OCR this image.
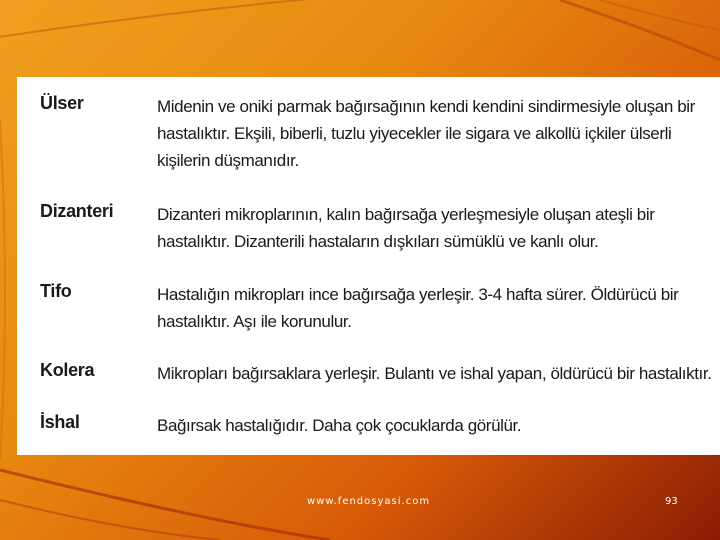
Ülser	Midenin ve oniki parmak bağırsağının kendi kendini sindirmesiyle oluşan bir hastalıktır. Ekşili, biberli, tuzlu yiyecekler ile sigara ve alkollü içkiler ülserli kişilerin düşmanıdır.
Dizanteri	Dizanteri mikroplarının, kalın bağırsağa yerleşmesiyle oluşan ateşli bir hastalıktır. Dizanterili hastaların dışkıları sümüklü ve kanlı olur.
Tifo	Hastalığın mikropları ince bağırsağa yerleşir. 3-4 hafta sürer. Öldürücü bir hastalıktır. Aşı ile korunulur.
Kolera	Mikropları bağırsaklara yerleşir. Bulantı ve ishal yapan, öldürücü bir hastalıktır.
İshal	Bağırsak hastalığıdır. Daha çok çocuklarda görülür.
www.fendosyasi.com	93
